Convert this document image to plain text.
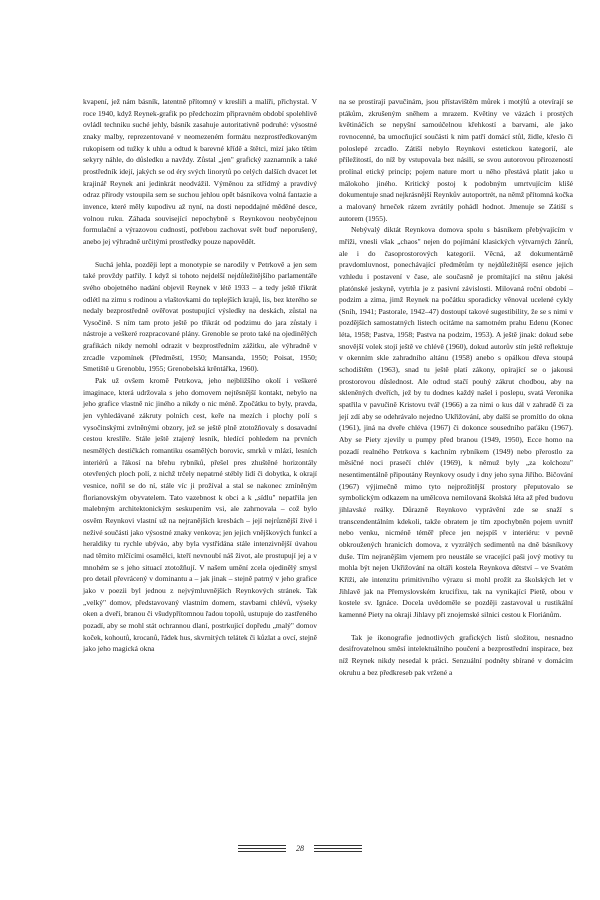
kvapení, jež nám básník, latentně přítomný v kresliři a malíři, přichystal. V roce 1940, když Reynek-grafik po předchozím připravném období spolehlivě ovládl techniku suché jehly, básník zasahuje autoritativně podruhé: výsostné znaky malby, reprezentované v neomezeném formátu nezprostředkovaným rukopisem od tužky k uhlu a odtud k barevné křídě a štětci, mizí jako tětím sekyry náhle, do důsledku a navždy. Zůstal „jen" grafický zaznamník a také prostředník idejí, jakých se od éry svých linorytů po celých dalších dvacet let krajinář Reynek ani jedinkrát neodvážil. Výměnou za střídmý a pravdivý odraz přírody vstoupila sem se suchou jehlou opět básníkova volná fantazie a invence, které měly kupodivu až nyní, na dosti nepoddajné měděné desce, volnou ruku. Záhada související nepochybně s Reynkovou neobyčejnou formulační a výrazovou cudností, potřebou zachovat svět bud' neporušený, anebo jej výhradně určitými prostředky pouze napovědět.

Suchá jehla, později lept a monotypie se narodily v Petrkově a jen sem také provždy patřily. I když si tohoto nejdelší nejdůležitějšího parlamentáře svého obojetného nadání objevil Reynek v létě 1933 – a tedy ještě třikrát odlétl na zimu s rodinou a vlaštovkami do teplejších krajů, lis, bez kterého se nedaly bezprostředně ověřovat postupující výsledky na deskách, zůstal na Vysočině. S ním tam proto ještě po třikrát od podzimu do jara zůstaly i nástroje a veškeré rozpracované plány. Grenoble se proto také na ojedinělých grafikách nikdy nemohl odrazit v bezprostředním zážitku, ale výhradně v zrcadle vzpomínek (Předměstí, 1950; Mansanda, 1950; Poisat, 1950; Smetiště u Grenoblu, 1955; Grenobelská krěntářka, 1960).

Pak už ovšem kromě Petrkova, jeho nejbližšího okolí i veškeré imaginace, která udržovala s jeho domovem nejtěsnější kontakt, nebylo na jeho grafice vlastně nic jiného a nikdy o nic méně. Zpočátku to byly, pravda, jen vyhledávané zákruty polních cest, keře na mezích i plochy polí s vysočinskými zvlněnými obzory, jež se ještě plně ztotožňovaly s dosavadní cestou kreslíře. Stále ještě ztajený lesník, hledící pohledem na prvních nesmělých destičkách romantiku osamělých borovic, smrků v mlází, lesních interiérů a řákosí na břehu rybníků, přešel pres zhuštěné horizontály otevřených ploch polí, z nichž trčely nepatrné stébly lidí či dobytka, k okrají vesnice, nořil se do ní, stále víc ji prožíval a stal se nakonec zmíněným florianovským obyvatelem. Tato vazebnost k obci a k „sídlu" nepatřila jen malebným architektonickým seskupením vsi, ale zahrnovala – což bylo osvěm Reynkovi vlastní už na nejranějších kresbách – její nejrůznější živé i neživé součásti jako výsostné znaky venkova; jen jejich vnějškových funkcí a heraldiky tu rychle ubýváo, aby byla vystřídána stále intenzivnější úvahou nad těmito mlčícími osamělci, kteří nevnoubí náš život, ale prostupují jej a v mnohém se s jeho situací ztotožňují. V našem umění zcela ojedinělý smysl pro detail převrácený v dominantu a – jak jinak – stejně patrný v jeho grafice jako v poezii byl jednou z nejvýmluvnějších Reynkových stránek. Tak „velký" domov, představovaný vlastním domem, stavbami chlévů, výseky oken a dveří, branou či všudypřítomnou řadou topolů, ustupuje do zastřeného pozadí, aby se mohl stát ochrannou dlaní, postrkující dopředu „malý" domov koček, kohoutů, krocanů, řádek hus, skvrnitých telátek či kůzlat a ovcí, stejně jako jeho magická okna

na se prostírají pavučinám, jsou přístavištěm můrek i motýlů a otevírají se ptákům, zkrušeným sněhem a mrazem. Květiny ve vázách i prostých květináčích se nepyšní samoúčelnou křehkostí a barvami, ale jako rovnocenné, ba umocňující součásti k nim patří domácí stůl, židle, křeslo či poloslepé zrcadlo. Zátiší nebylo Reynkovi estetickou kategorií, ale příležitostí, do níž by vstupovala bez násilí, se svou autorovou přirozeností prolínal etický princip; pojem nature mort u něho přestává platit jako u málokoho jiného. Kritický postoj k podobným umrtvujícím klišé dokumentuje snad nejkrásnější Reynkův autoportrét, na němž přítomná kočka a malovaný hrneček rázem zvrátily pohádl hodnot. Jmenuje se Zátiší s autorem (1955).

Nebývalý diktát Reynkova domova spolu s básníkem přebývajícím v mříži, vnesli však „chaos" nejen do pojímání klasických výtvarných žánrů, ale i do časoprostorových kategorií. Věcná, až dokumentárně pravdomluvnost, ponechávající předmětům ty nejdůležitější esence jejich vzhledu i postavení v čase, ale současně je promítající na stěnu jakési platónské jeskyně, vytrhla je z pasivní závislosti. Milovaná roční období – podzim a zima, jimž Reynek na počátku sporadicky věnoval ucelené cykly (Sníh, 1941; Pastorale, 1942–47) dostoupí takové sugestibility, že se s nimi v pozdějších samostatných listech ocitáme na samotném prahu Edenu (Konec léta, 1958; Pastva, 1958; Pastva na podzim, 1953). A ještě jinak: dokud sebe snovější volek stojí ještě ve chlévě (1960), dokud autorův stín ještě reflektuje v okenním skle zahradního altánu (1958) anebo s opálkou dřeva stoupá schodištěm (1963), snad tu ještě platí zákony, opírající se o jakousi prostorovou důslednost. Ale odtud stačí pouhý zákrut chodbou, aby na skleněných dveřích, jež by tu dodnes každý našel i poslepu, svatá Veronika spatřila v pavučině Kristovu tvář (1966) a za nimi o kus dál v zahradě či za její zdí aby se odehrávalo nejedno Ukřižování, aby další se promítlo do okna (1961), jiná na dveře chléva (1967) či dokonce sousedního paťáku (1967). Aby se Piety zjevily u pumpy před branou (1949, 1950), Ecce homo na pozadí realného Petrkova s kachním rybníkem (1949) nebo přerostlo za měsíčné noci prasečí chlév (1969), k němuž byly „za kolchozu" nesentimentálně připoutány Reynkovy osudy i dny jeho syna Jiřího. Bičování (1967) výjimečně mimo tyto nejprožitější prostory přeputovalo se symbolickým odkazem na umělcova nemilovaná školská léta až před budovu jihlavské reálky. Důrazně Reynkovo vyprávění zde se snaží s transcendentálním kdekoli, takže obratem je tím zpochybněn pojem uvnitř nebo venku, nicméně téměř přece jen nejspíš v interiéru: v pevně obkroužených hranicích domova, z vyzrálých sedimentů na dně básníkovy duše. Tím nejranějším vjemem pro neustále se vracející paši jový motivy tu mohla být nejen Ukřižování na oltáři kostela Reynkova dětství – ve Svatém Kříži, ale intenzitu primitivního výrazu si mohl prožít za školských let v Jihlavě jak na Přemyslovském krucifixu, tak na vynikající Pietě, obou v kostele sv. Ignáce. Docela uvědoměle se později zastavoval u rustikální kamenné Piety na okraji Jihlavy při znojemské silnici cestou k Floriánům.

Tak je ikonografie jednotlivých grafických listů složitou, nesnadno desifrovatelnou směsí intelektuálního poučení a bezprostřední inspirace, bez níž Reynek nikdy nesedal k práci. Senzuální podněty sbírané v domácím okruhu a bez předkreseb pak vržené a

28
